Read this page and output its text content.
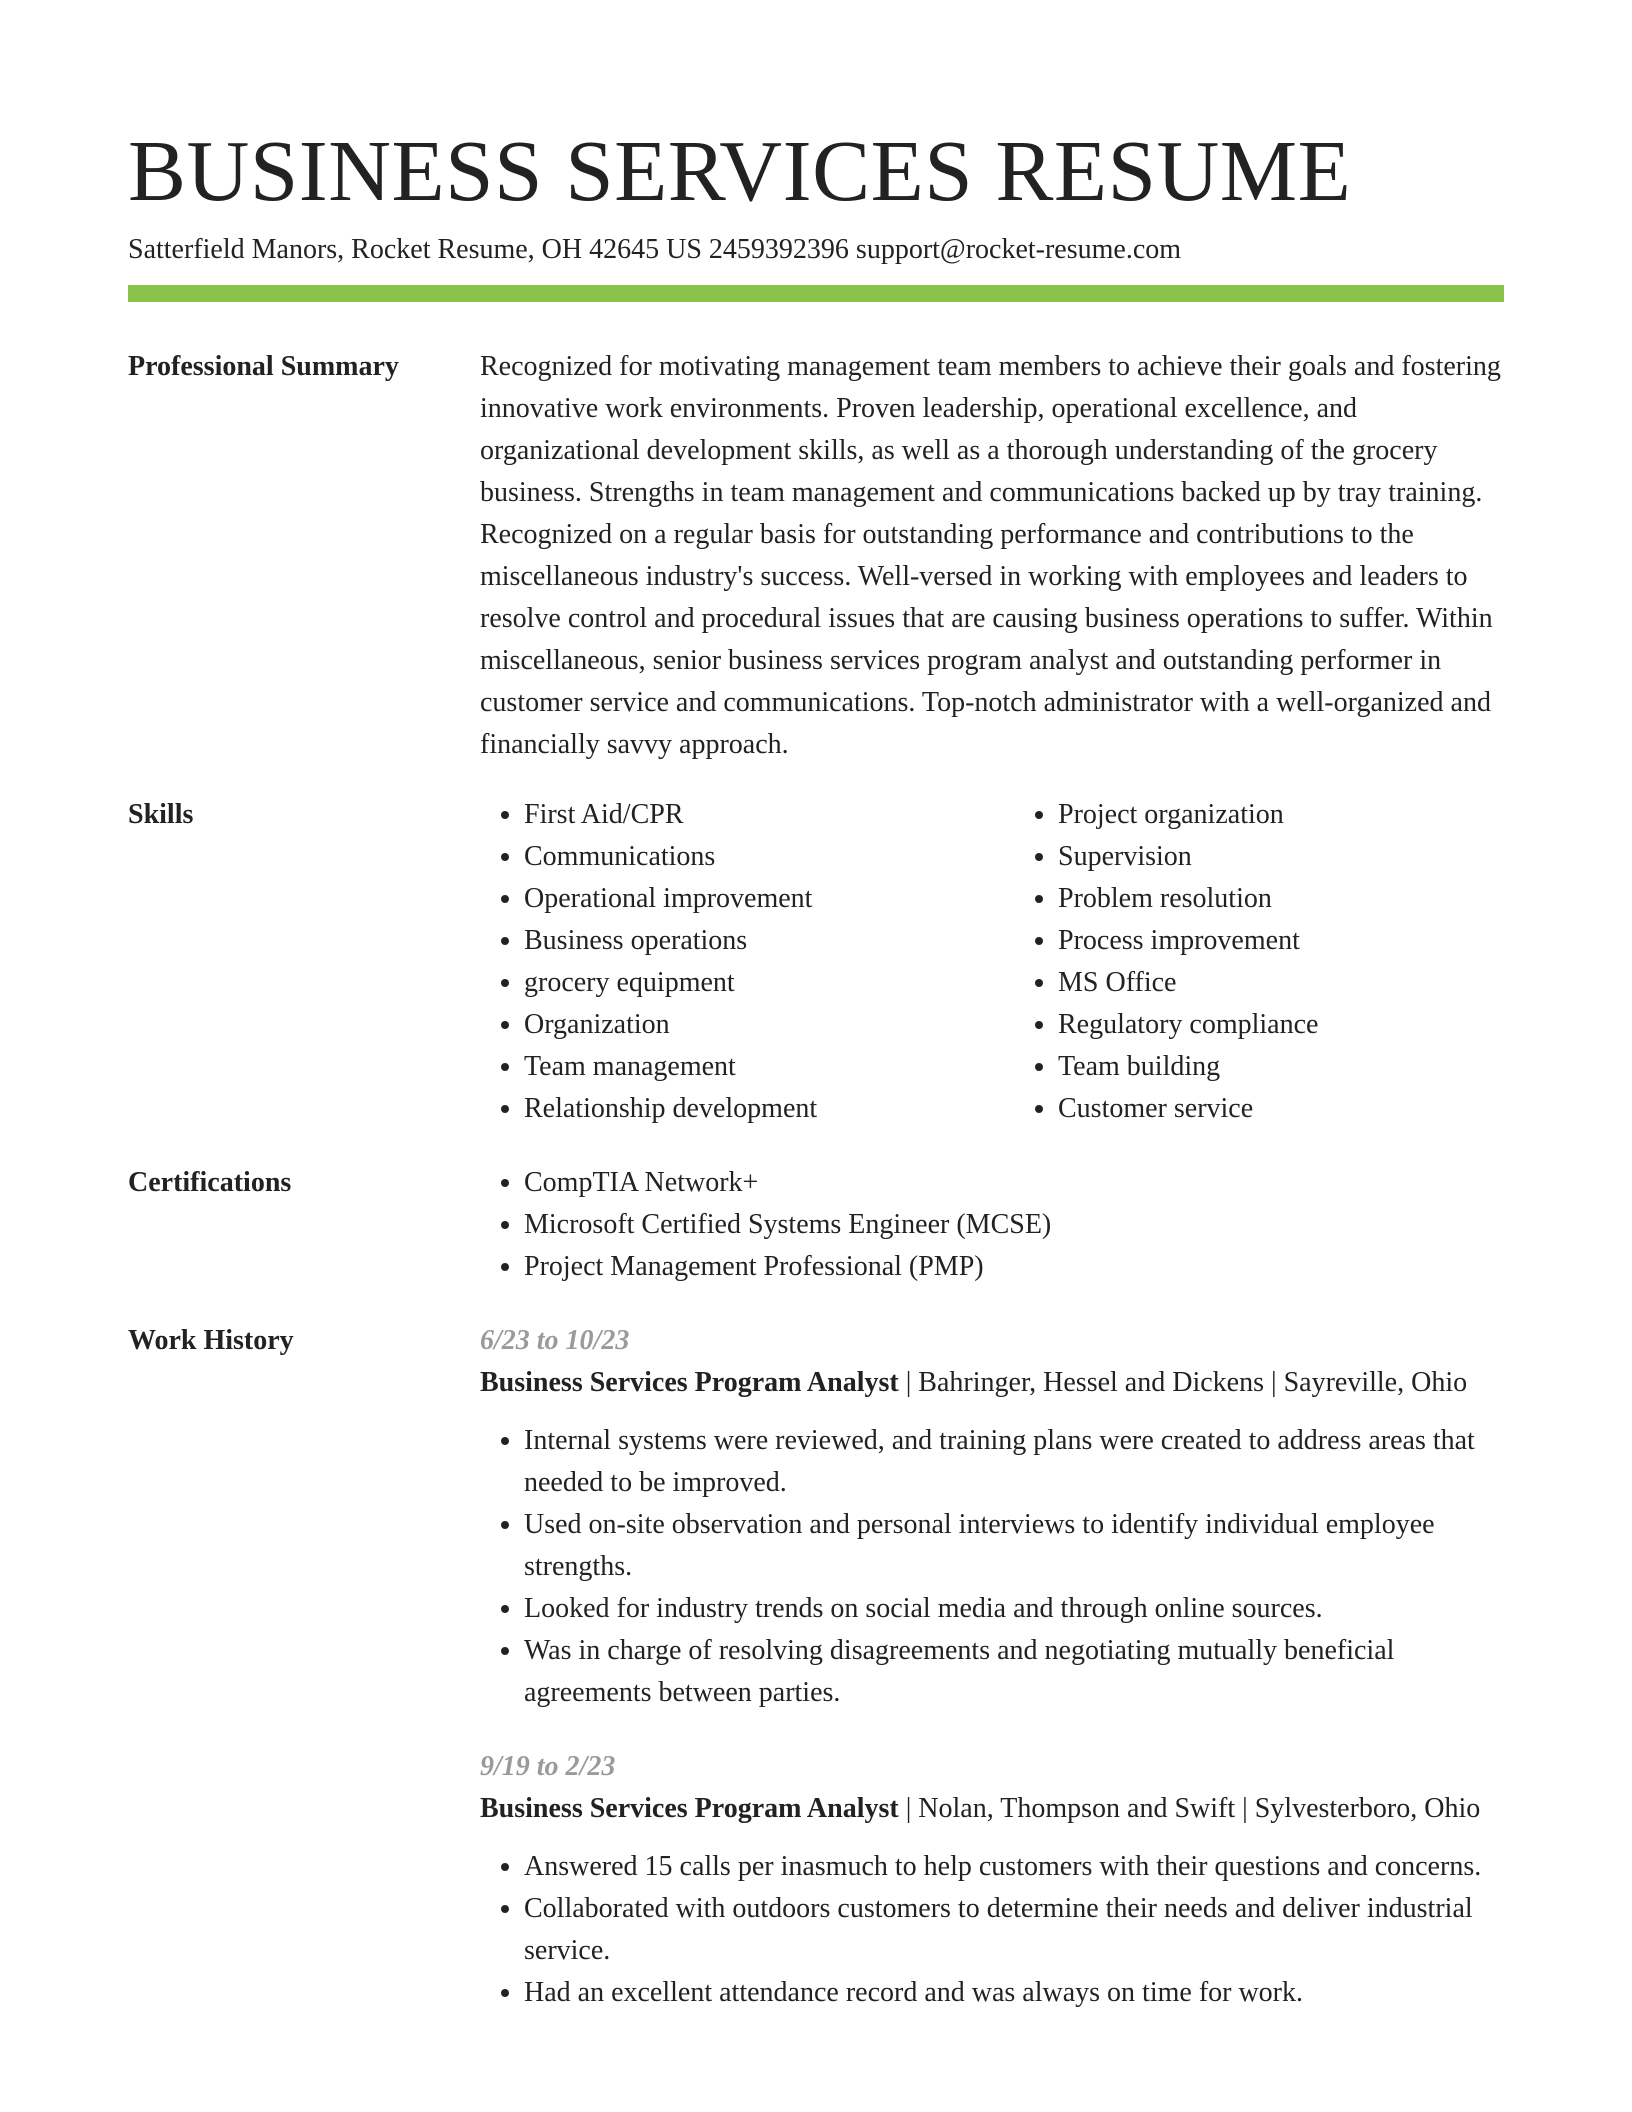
BUSINESS SERVICES RESUME
Satterfield Manors, Rocket Resume, OH 42645 US 2459392396 support@rocket-resume.com
Professional Summary	Recognized for motivating management team members to achieve their goals and fostering innovative work environments. Proven leadership, operational excellence, and organizational development skills, as well as a thorough understanding of the grocery business. Strengths in team management and communications backed up by tray training. Recognized on a regular basis for outstanding performance and contributions to the miscellaneous industry's success. Well-versed in working with employees and leaders to resolve control and procedural issues that are causing business operations to suffer. Within miscellaneous, senior business services program analyst and outstanding performer in customer service and communications. Top-notch administrator with a well-organized and financially savvy approach.

Skills	• First Aid/CPR
• Communications
• Operational improvement
• Business operations
• grocery equipment
• Organization
• Team management
• Relationship development
• Project organization
• Supervision
• Problem resolution
• Process improvement
• MS Office
• Regulatory compliance
• Team building
• Customer service
Certifications	• CompTIA Network+
• Microsoft Certified Systems Engineer (MCSE)
• Project Management Professional (PMP)
Work History	6/23 to 10/23
Business Services Program Analyst | Bahringer, Hessel and Dickens | Sayreville, Ohio
• Internal systems were reviewed, and training plans were created to address areas that needed to be improved.
• Used on-site observation and personal interviews to identify individual employee strengths.
• Looked for industry trends on social media and through online sources.
• Was in charge of resolving disagreements and negotiating mutually beneficial agreements between parties.
9/19 to 2/23
Business Services Program Analyst | Nolan, Thompson and Swift | Sylvesterboro, Ohio
• Answered 15 calls per inasmuch to help customers with their questions and concerns.
• Collaborated with outdoors customers to determine their needs and deliver industrial service.
• Had an excellent attendance record and was always on time for work.
